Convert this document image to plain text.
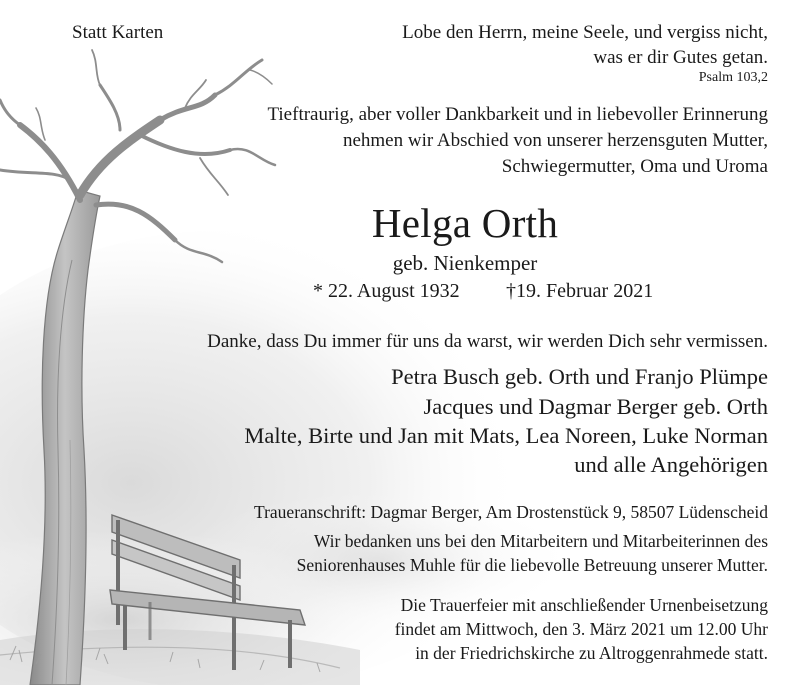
Statt Karten	Lobe den Herrn, meine Seele, und vergiss nicht,
was er dir Gutes getan.
Psalm 103,2
Tieftraurig, aber voller Dankbarkeit und in liebevoller Erinnerung
nehmen wir Abschied von unserer herzensguten Mutter,
Schwiegermutter, Oma und Uroma
Helga Orth
geb. Nienkemper
* 22. August 1932 †19. Februar 2021
Danke, dass Du immer für uns da warst, wir werden Dich sehr vermissen.
Petra Busch geb. Orth und Franjo Plümpe
Jacques und Dagmar Berger geb. Orth
Malte, Birte und Jan mit Mats, Lea Noreen, Luke Norman
und alle Angehörigen
Traueranschrift: Dagmar Berger, Am Drostenstück 9, 58507 Lüdenscheid
Wir bedanken uns bei den Mitarbeitern und Mitarbeiterinnen des
Seniorenhauses Muhle für die liebevolle Betreuung unserer Mutter.
Die Trauerfeier mit anschließender Urnenbeisetzung
findet am Mittwoch, den 3. März 2021 um 12.00 Uhr
in der Friedrichskirche zu Altroggenrahmede statt.
